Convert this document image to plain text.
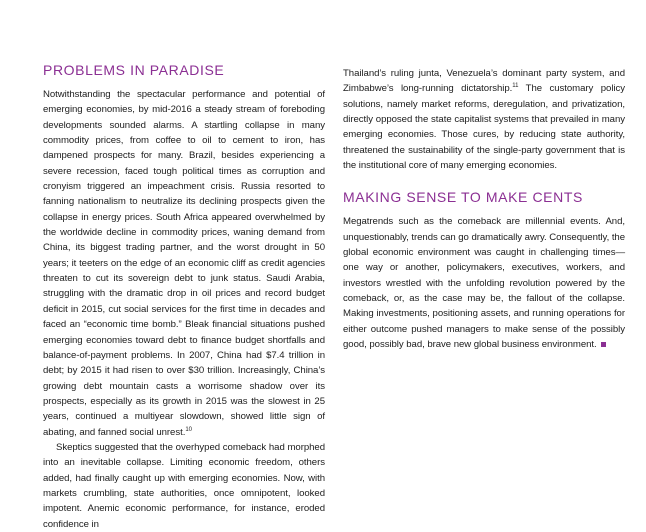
PROBLEMS IN PARADISE

Notwithstanding the spectacular performance and potential of emerging economies, by mid-2016 a steady stream of foreboding developments sounded alarms. A startling collapse in many commodity prices, from coffee to oil to cement to iron, has dampened prospects for many. Brazil, besides experiencing a severe recession, faced tough political times as corruption and cronyism triggered an impeachment crisis. Russia resorted to fanning nationalism to neutralize its declining prospects given the collapse in energy prices. South Africa appeared overwhelmed by the worldwide decline in commodity prices, waning demand from China, its biggest trading partner, and the worst drought in 50 years; it teeters on the edge of an economic cliff as credit agencies threaten to cut its sovereign debt to junk status. Saudi Arabia, struggling with the dramatic drop in oil prices and record budget deficit in 2015, cut social services for the first time in decades and faced an “economic time bomb.” Bleak financial situations pushed emerging economies toward debt to finance budget shortfalls and balance-of-payment problems. In 2007, China had $7.4 trillion in debt; by 2015 it had risen to over $30 trillion. Increasingly, China’s growing debt mountain casts a worrisome shadow over its prospects, especially as its growth in 2015 was the slowest in 25 years, continued a multiyear slowdown, showed little sign of abating, and fanned social unrest.$^{10}$

Skeptics suggested that the overhyped comeback had morphed into an inevitable collapse. Limiting economic freedom, others added, had finally caught up with emerging economies. Now, with markets crumbling, state authorities, once omnipotent, looked impotent. Anemic economic performance, for instance, eroded confidence in

Thailand’s ruling junta, Venezuela’s dominant party system, and Zimbabwe’s long-running dictatorship.$^{11}$ The customary policy solutions, namely market reforms, deregulation, and privatization, directly opposed the state capitalist systems that prevailed in many emerging economies. Those cures, by reducing state authority, threatened the sustainability of the single-party government that is the institutional core of many emerging economies.

MAKING SENSE TO MAKE CENTS

Megatrends such as the comeback are millennial events. And, unquestionably, trends can go dramatically awry. Consequently, the global economic environment was caught in challenging times—one way or another, policymakers, executives, workers, and investors wrestled with the unfolding revolution powered by the comeback, or, as the case may be, the fallout of the collapse. Making investments, positioning assets, and running operations for either outcome pushed managers to make sense of the possibly good, possibly bad, brave new global business environment.
